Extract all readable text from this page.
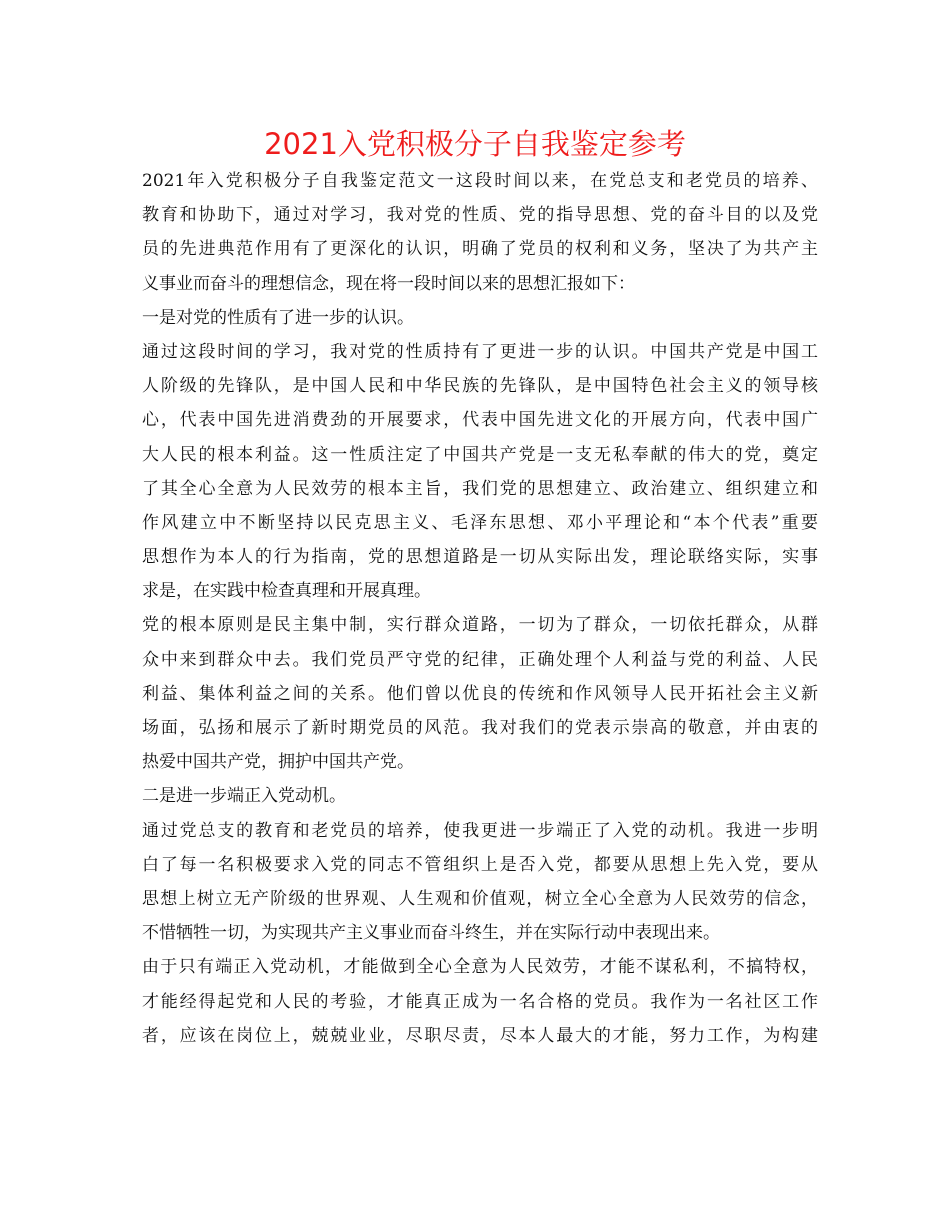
2021入党积极分子自我鉴定参考
2021年入党积极分子自我鉴定范文一这段时间以来，在党总支和老党员的培养、
教育和协助下，通过对学习，我对党的性质、党的指导思想、党的奋斗目的以及党
员的先进典范作用有了更深化的认识，明确了党员的权利和义务，坚决了为共产主
义事业而奋斗的理想信念，现在将一段时间以来的思想汇报如下：
一是对党的性质有了进一步的认识。
通过这段时间的学习，我对党的性质持有了更进一步的认识。中国共产党是中国工
人阶级的先锋队，是中国人民和中华民族的先锋队，是中国特色社会主义的领导核
心，代表中国先进消费劲的开展要求，代表中国先进文化的开展方向，代表中国广
大人民的根本利益。这一性质注定了中国共产党是一支无私奉献的伟大的党，奠定
了其全心全意为人民效劳的根本主旨，我们党的思想建立、政治建立、组织建立和
作风建立中不断坚持以民克思主义、毛泽东思想、邓小平理论和“本个代表”重要
思想作为本人的行为指南，党的思想道路是一切从实际出发，理论联络实际，实事
求是，在实践中检查真理和开展真理。
党的根本原则是民主集中制，实行群众道路，一切为了群众，一切依托群众，从群
众中来到群众中去。我们党员严守党的纪律，正确处理个人利益与党的利益、人民
利益、集体利益之间的关系。他们曾以优良的传统和作风领导人民开拓社会主义新
场面，弘扬和展示了新时期党员的风范。我对我们的党表示崇高的敬意，并由衷的
热爱中国共产党，拥护中国共产党。
二是进一步端正入党动机。
通过党总支的教育和老党员的培养，使我更进一步端正了入党的动机。我进一步明
白了每一名积极要求入党的同志不管组织上是否入党，都要从思想上先入党，要从
思想上树立无产阶级的世界观、人生观和价值观，树立全心全意为人民效劳的信念，
不惜牺牲一切，为实现共产主义事业而奋斗终生，并在实际行动中表现出来。
由于只有端正入党动机，才能做到全心全意为人民效劳，才能不谋私利，不搞特权，
才能经得起党和人民的考验，才能真正成为一名合格的党员。我作为一名社区工作
者，应该在岗位上，兢兢业业，尽职尽责，尽本人最大的才能，努力工作，为构建
